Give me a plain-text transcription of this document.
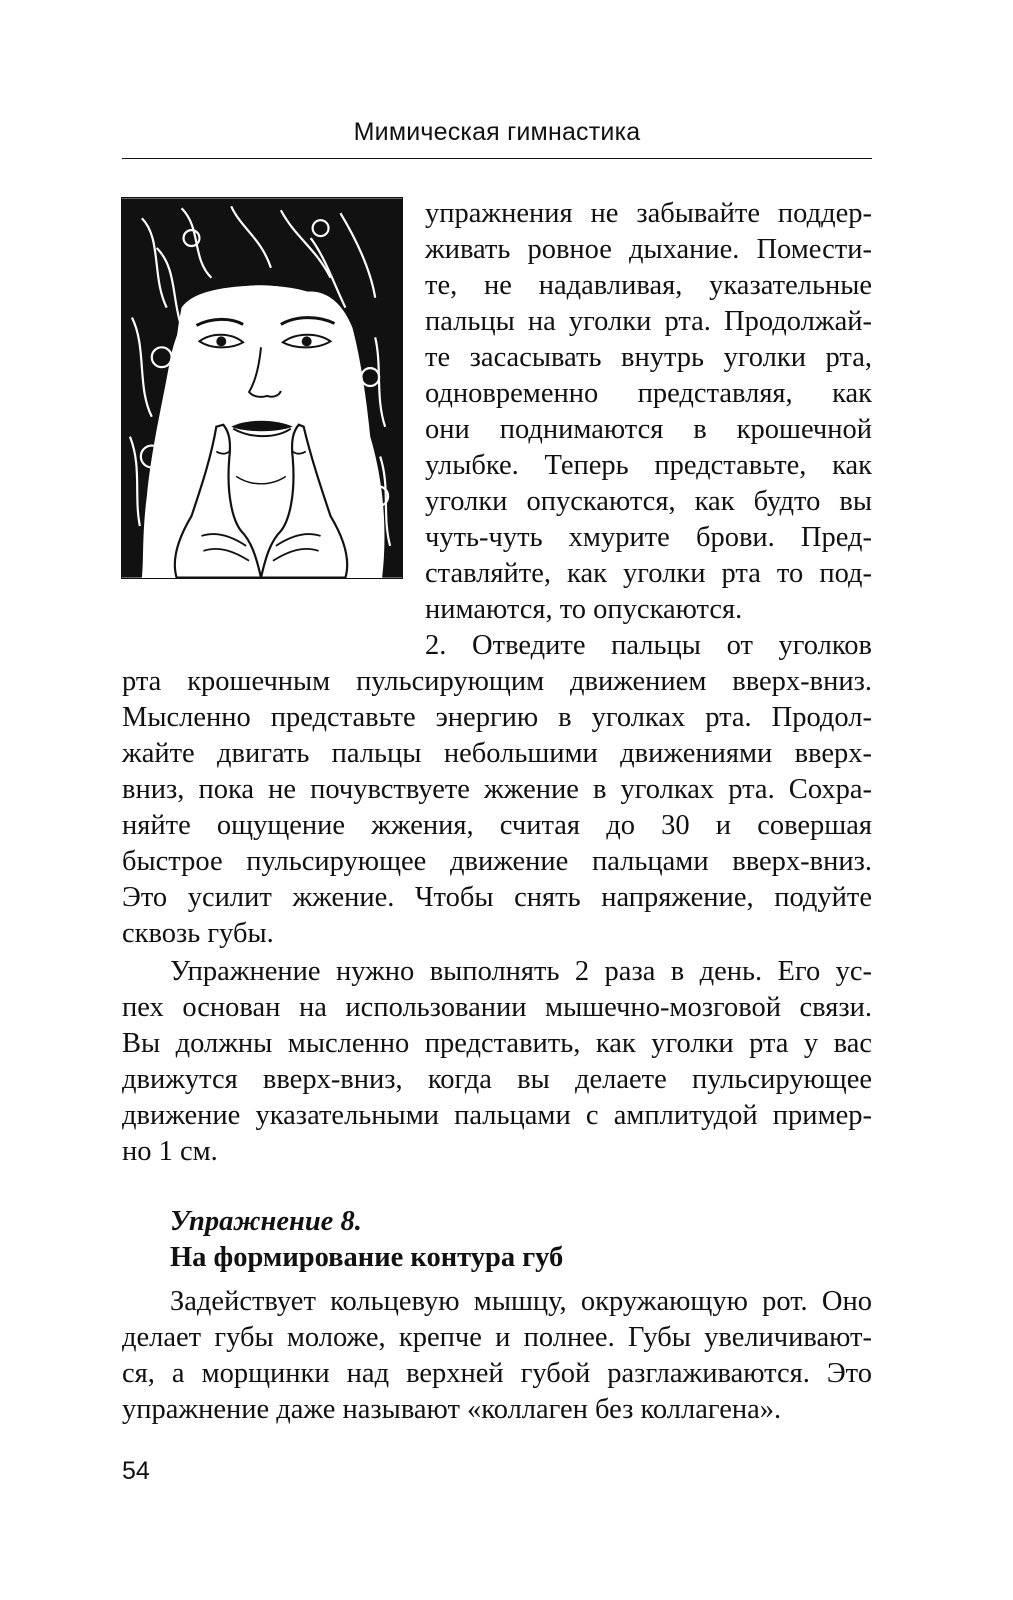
Мимическая гимнастика
упражнения не забывайте поддер-
живать ровное дыхание. Помести-
те, не надавливая, указательные
пальцы на уголки рта. Продолжай-
те засасывать внутрь уголки рта,
одновременно представляя, как
они поднимаются в крошечной
улыбке. Теперь представьте, как
уголки опускаются, как будто вы
чуть-чуть хмурите брови. Пред-
ставляйте, как уголки рта то под-
нимаются, то опускаются.
2. Отведите пальцы от уголков
рта крошечным пульсирующим движением вверх-вниз.
Мысленно представьте энергию в уголках рта. Продол-
жайте двигать пальцы небольшими движениями вверх-
вниз, пока не почувствуете жжение в уголках рта. Сохра-
няйте ощущение жжения, считая до 30 и совершая
быстрое пульсирующее движение пальцами вверх-вниз.
Это усилит жжение. Чтобы снять напряжение, подуйте
сквозь губы.
Упражнение нужно выполнять 2 раза в день. Его ус-
пех основан на использовании мышечно-мозговой связи.
Вы должны мысленно представить, как уголки рта у вас
движутся вверх-вниз, когда вы делаете пульсирующее
движение указательными пальцами с амплитудой пример-
но 1 см.
Упражнение 8.
На формирование контура губ
Задействует кольцевую мышцу, окружающую рот. Оно
делает губы моложе, крепче и полнее. Губы увеличивают-
ся, а морщинки над верхней губой разглаживаются. Это
упражнение даже называют «коллаген без коллагена».
54
